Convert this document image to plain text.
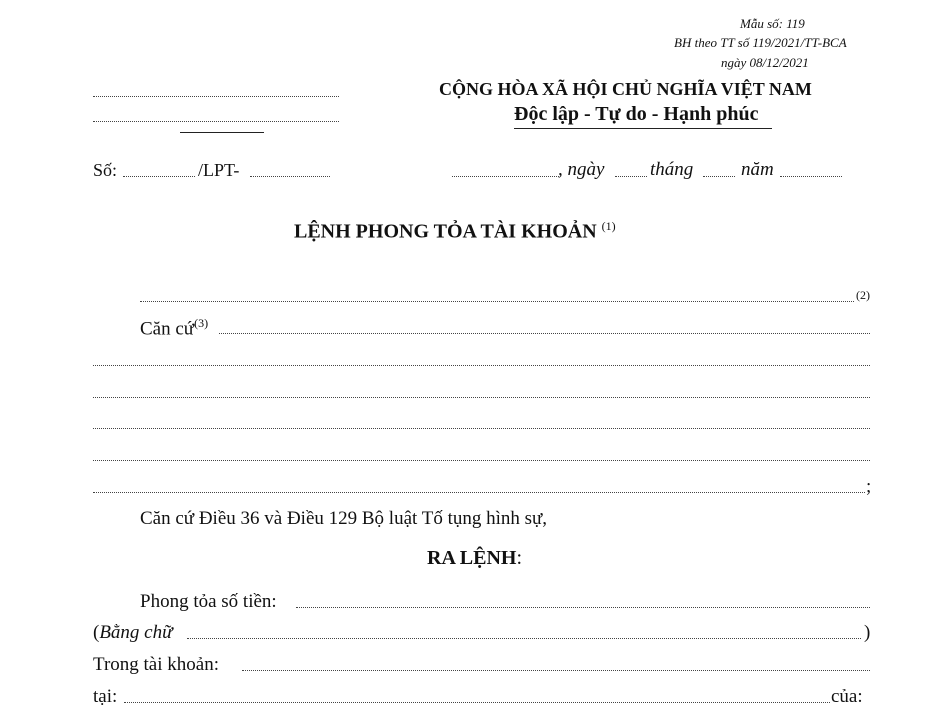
Mẫu số: 119
BH theo TT số 119/2021/TT-BCA
ngày 08/12/2021
CỘNG HÒA XÃ HỘI CHỦ NGHĨA VIỆT NAM
Độc lập - Tự do - Hạnh phúc
Số:	/LPT-	, ngày tháng	năm
LỆNH PHONG TỎA TÀI KHOẢN $^{(1)}$
(2)
Căn cứ$^{(3)}$
;
Căn cứ Điều 36 và Điều 129 Bộ luật Tố tụng hình sự,
RA LỆNH:
Phong tỏa số tiền:
(Bằng chữ	)
Trong tài khoản:
tại:	của:
